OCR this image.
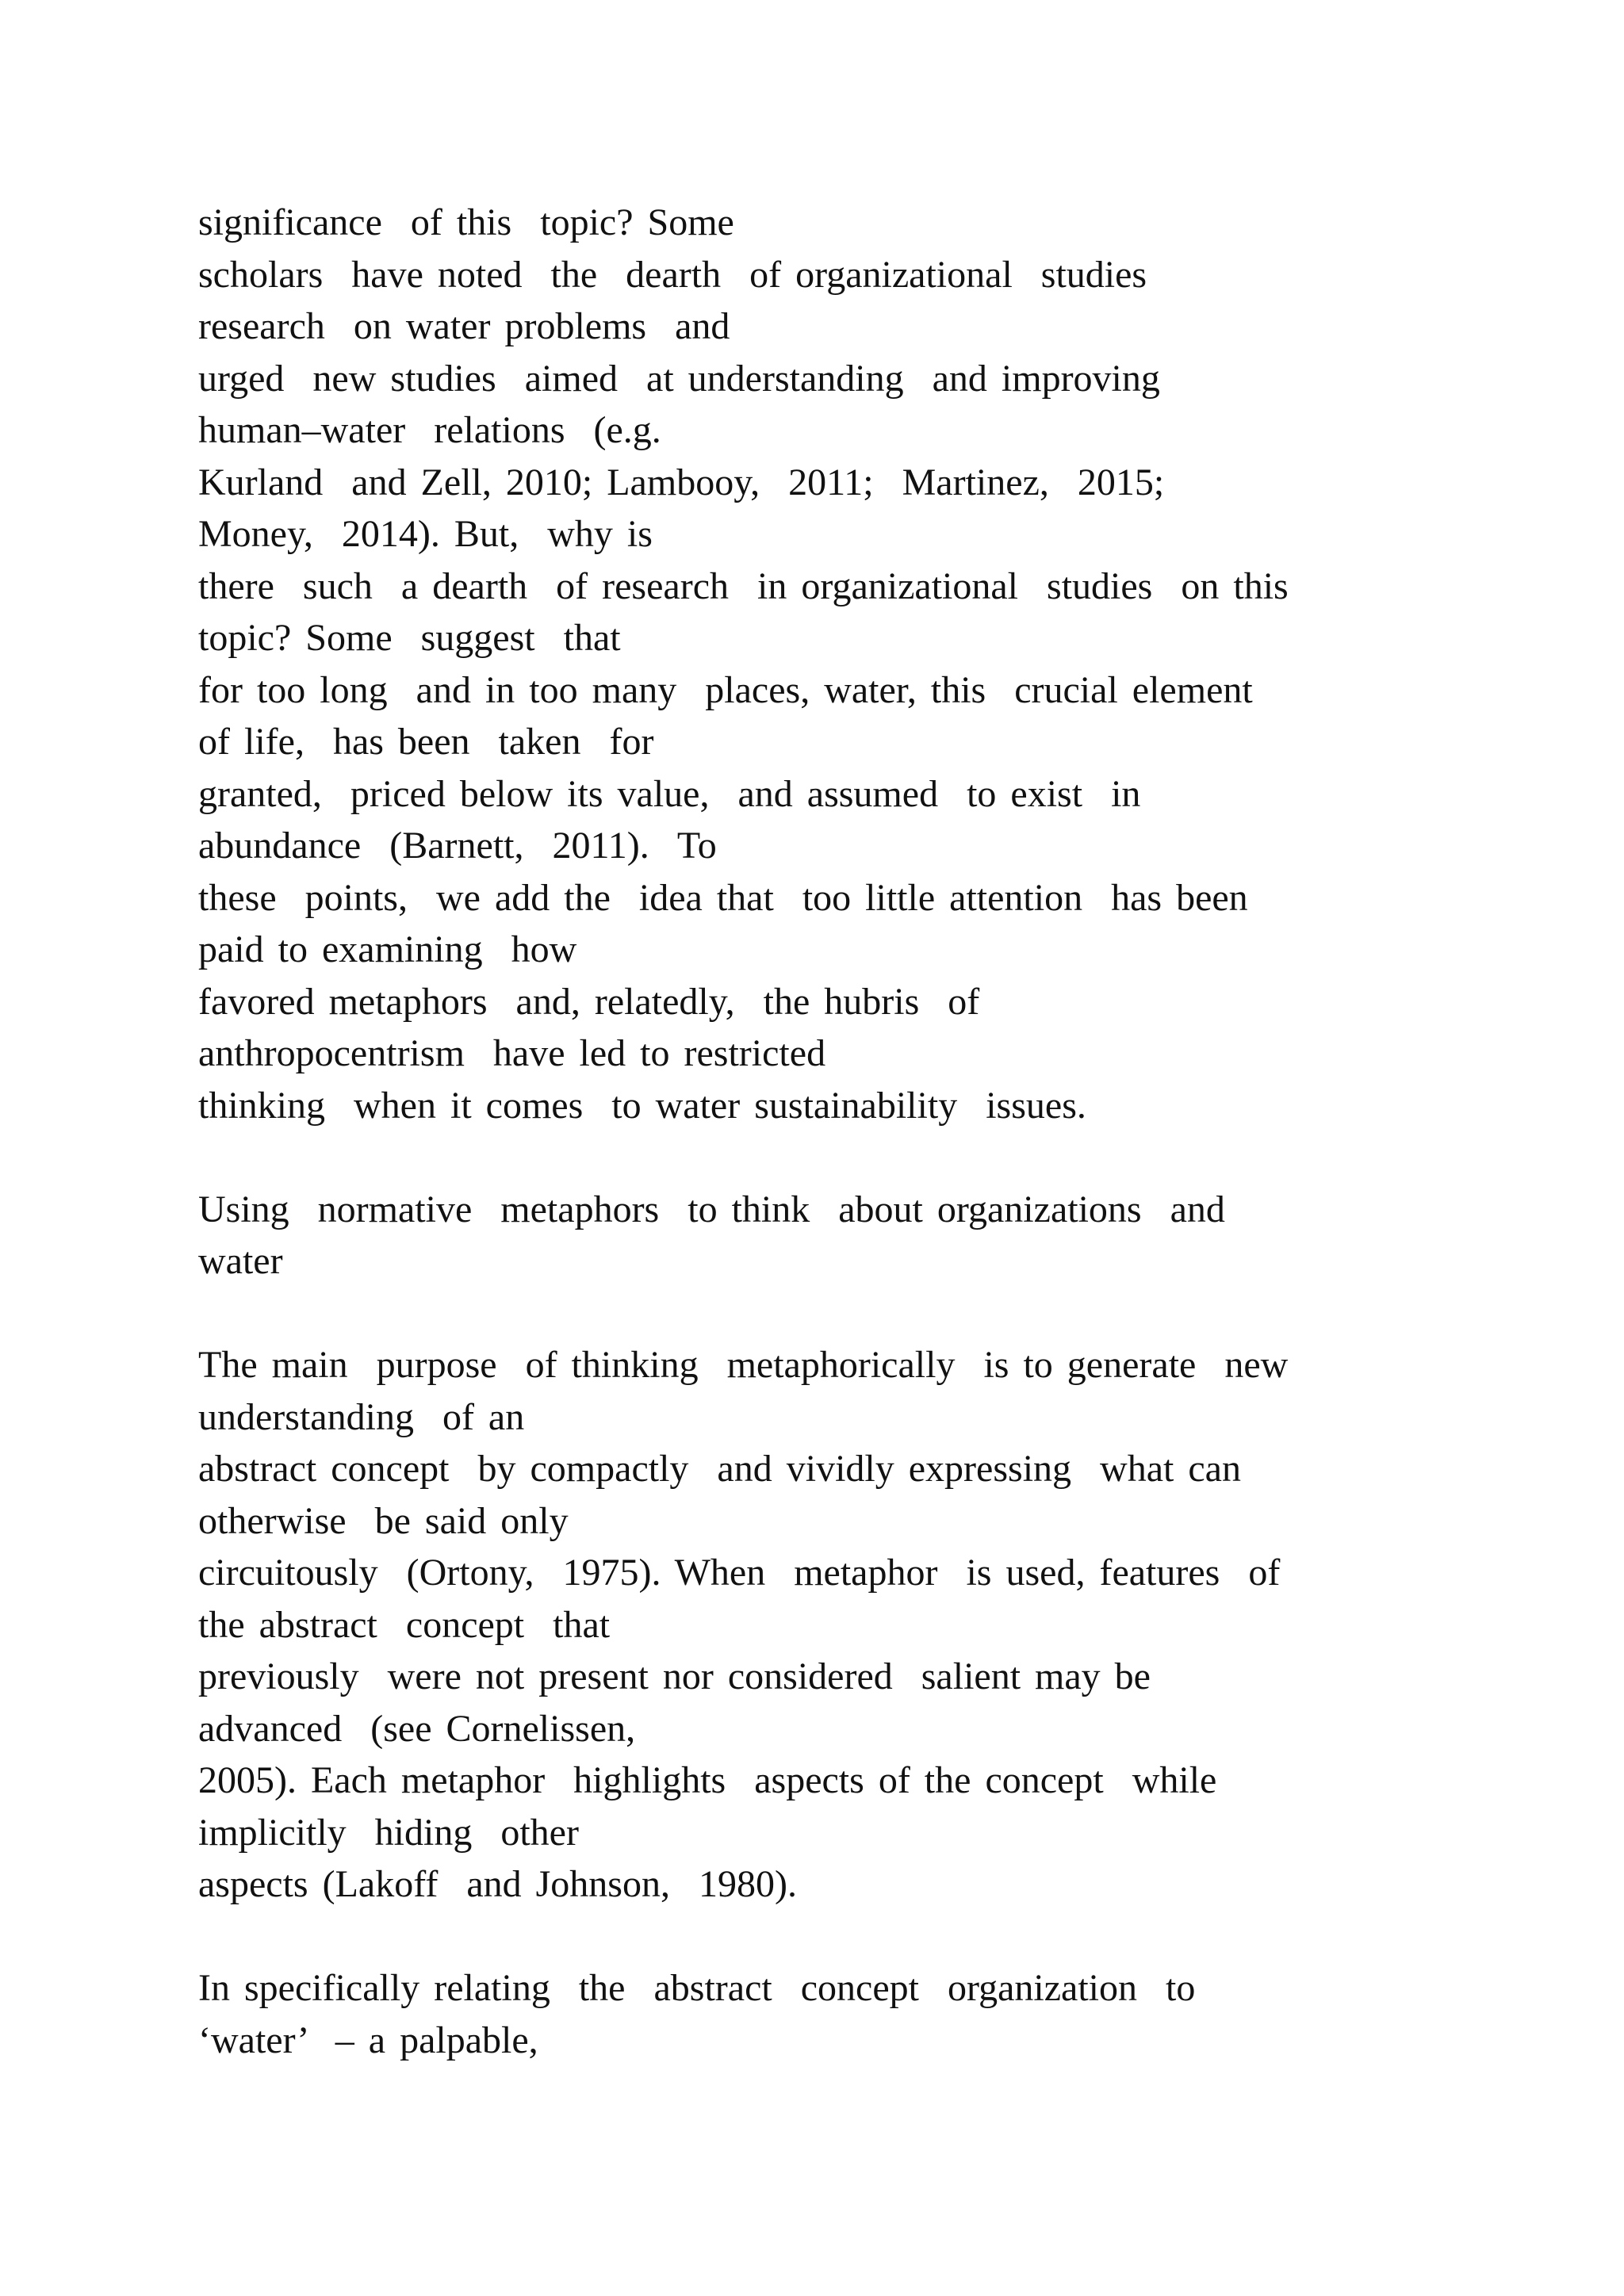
significance  of this  topic? Some
scholars  have noted  the  dearth  of organizational  studies
research  on water problems  and
urged  new studies  aimed  at understanding  and improving
human–water  relations  (e.g.
Kurland  and Zell, 2010; Lambooy,  2011;  Martinez,  2015;
Money,  2014). But,  why is
there  such  a dearth  of research  in organizational  studies  on this
topic? Some  suggest  that
for too long  and in too many  places, water, this  crucial element
of life,  has been  taken  for
granted,  priced below its value,  and assumed  to exist  in
abundance  (Barnett,  2011).  To
these  points,  we add the  idea that  too little attention  has been
paid to examining  how
favored metaphors  and, relatedly,  the hubris  of
anthropocentrism  have led to restricted
thinking  when it comes  to water sustainability  issues.
Using  normative  metaphors  to think  about organizations  and
water
The main  purpose  of thinking  metaphorically  is to generate  new
understanding  of an
abstract concept  by compactly  and vividly expressing  what can
otherwise  be said only
circuitously  (Ortony,  1975). When  metaphor  is used, features  of
the abstract  concept  that
previously  were not present nor considered  salient may be
advanced  (see Cornelissen,
2005). Each metaphor  highlights  aspects of the concept  while
implicitly  hiding  other
aspects (Lakoff  and Johnson,  1980).
In specifically relating  the  abstract  concept  organization  to
‘water’  – a palpable,
